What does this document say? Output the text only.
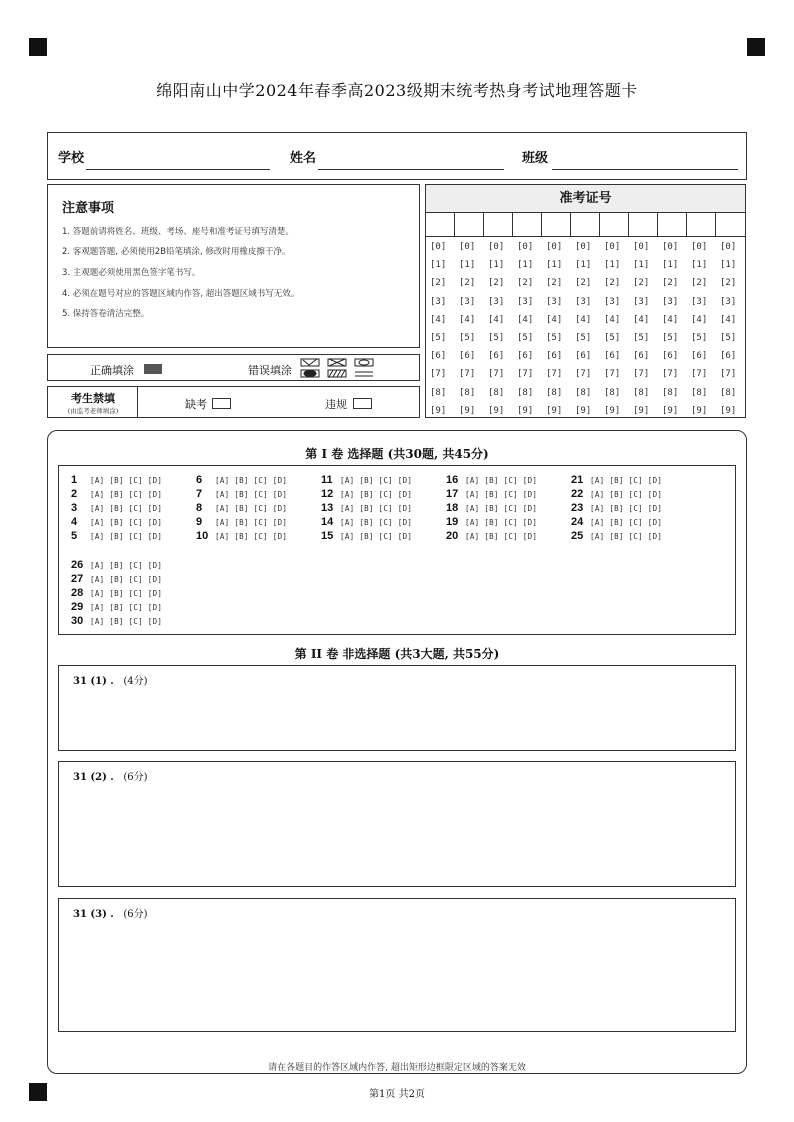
绵阳南山中学2024年春季高2023级期末统考热身考试地理答题卡
学校	姓名	班级
注意事项
1. 答题前请将姓名、班级、考场、座号和准考证号填写清楚。
2. 客观题答题, 必须使用2B铅笔填涂, 修改时用橡皮擦干净。
3. 主观题必须使用黑色签字笔书写。
4. 必须在题号对应的答题区域内作答, 超出答题区域书写无效。
5. 保持答卷清洁完整。
正确填涂	错误填涂
考生禁填
(由监考老师填涂)	缺考	违规
准考证号
[0] [0] [0] [0] [0] [0] [0] [0] [0] [0] [0]
[1] [1] [1] [1] [1] [1] [1] [1] [1] [1] [1]
[2] [2] [2] [2] [2] [2] [2] [2] [2] [2] [2]
[3] [3] [3] [3] [3] [3] [3] [3] [3] [3] [3]
[4] [4] [4] [4] [4] [4] [4] [4] [4] [4] [4]
[5] [5] [5] [5] [5] [5] [5] [5] [5] [5] [5]
[6] [6] [6] [6] [6] [6] [6] [6] [6] [6] [6]
[7] [7] [7] [7] [7] [7] [7] [7] [7] [7] [7]
[8] [8] [8] [8] [8] [8] [8] [8] [8] [8] [8]
[9] [9] [9] [9] [9] [9] [9] [9] [9] [9] [9]
第 I 卷 选择题 (共30题, 共45分)
1 [A] [B] [C] [D]
2 [A] [B] [C] [D]
3 [A] [B] [C] [D]
4 [A] [B] [C] [D]
5 [A] [B] [C] [D]
6 [A] [B] [C] [D]
7 [A] [B] [C] [D]
8 [A] [B] [C] [D]
9 [A] [B] [C] [D]
10 [A] [B] [C] [D]
11 [A] [B] [C] [D]
12 [A] [B] [C] [D]
13 [A] [B] [C] [D]
14 [A] [B] [C] [D]
15 [A] [B] [C] [D]
16 [A] [B] [C] [D]
17 [A] [B] [C] [D]
18 [A] [B] [C] [D]
19 [A] [B] [C] [D]
20 [A] [B] [C] [D]
21 [A] [B] [C] [D]
22 [A] [B] [C] [D]
23 [A] [B] [C] [D]
24 [A] [B] [C] [D]
25 [A] [B] [C] [D]
26 [A] [B] [C] [D]
27 [A] [B] [C] [D]
28 [A] [B] [C] [D]
29 [A] [B] [C] [D]
30 [A] [B] [C] [D]
第 II 卷 非选择题 (共3大题, 共55分)
31 (1) . (4分)
31 (2) . (6分)
31 (3) . (6分)
请在各题目的作答区域内作答, 超出矩形边框限定区域的答案无效
第1页 共2页
